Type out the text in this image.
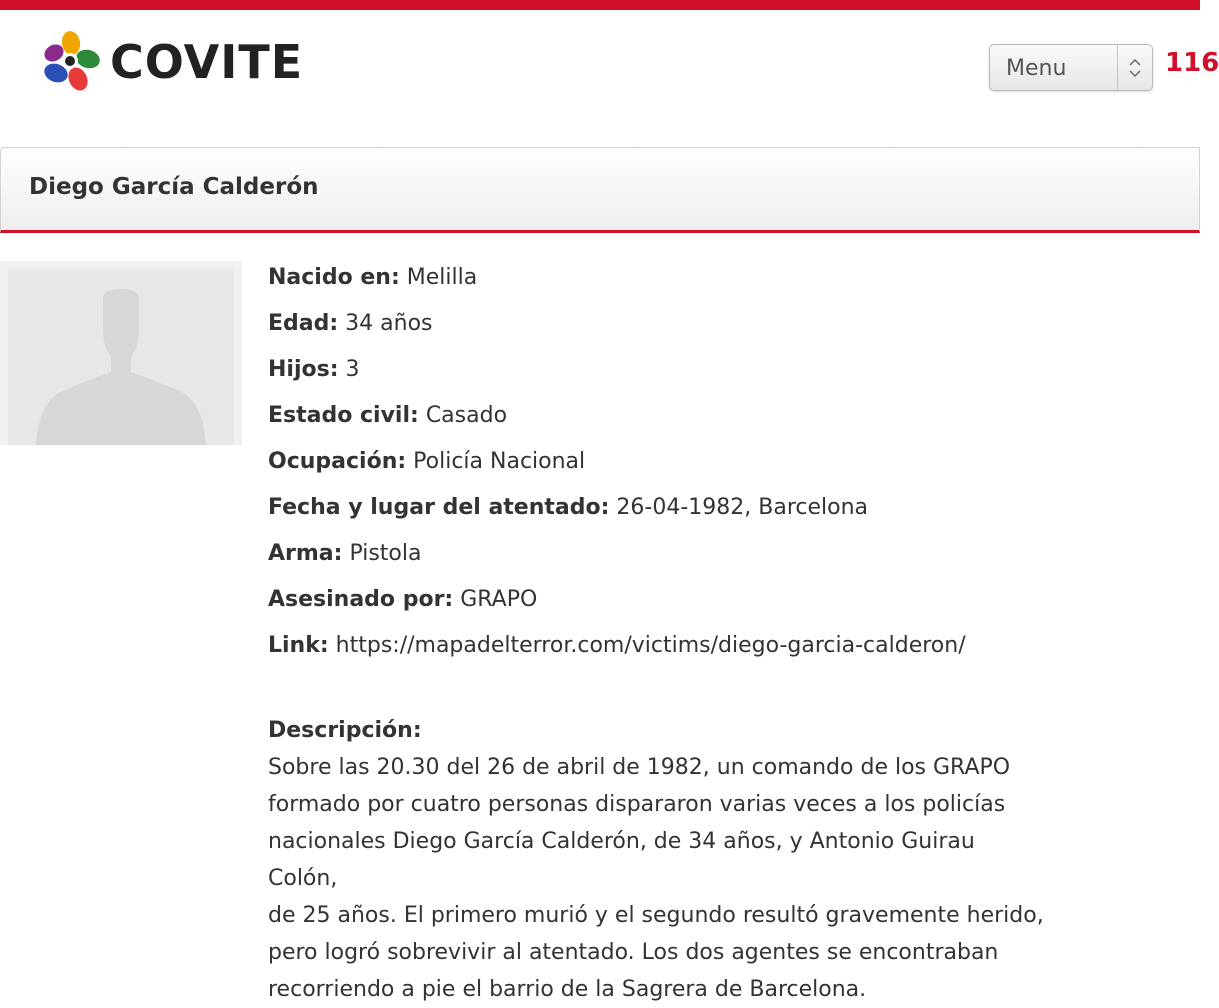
COVITE	Menu	116
Diego García Calderón
Nacido en: Melilla
Edad: 34 años
Hijos: 3
Estado civil: Casado
Ocupación: Policía Nacional
Fecha y lugar del atentado: 26-04-1982, Barcelona
Arma: Pistola
Asesinado por: GRAPO
Link: https://mapadelterror.com/victims/diego-garcia-calderon/
Descripción:
Sobre las 20.30 del 26 de abril de 1982, un comando de los GRAPO
formado por cuatro personas dispararon varias veces a los policías
nacionales Diego García Calderón, de 34 años, y Antonio Guirau Colón,
de 25 años. El primero murió y el segundo resultó gravemente herido,
pero logró sobrevivir al atentado. Los dos agentes se encontraban
recorriendo a pie el barrio de la Sagrera de Barcelona.
